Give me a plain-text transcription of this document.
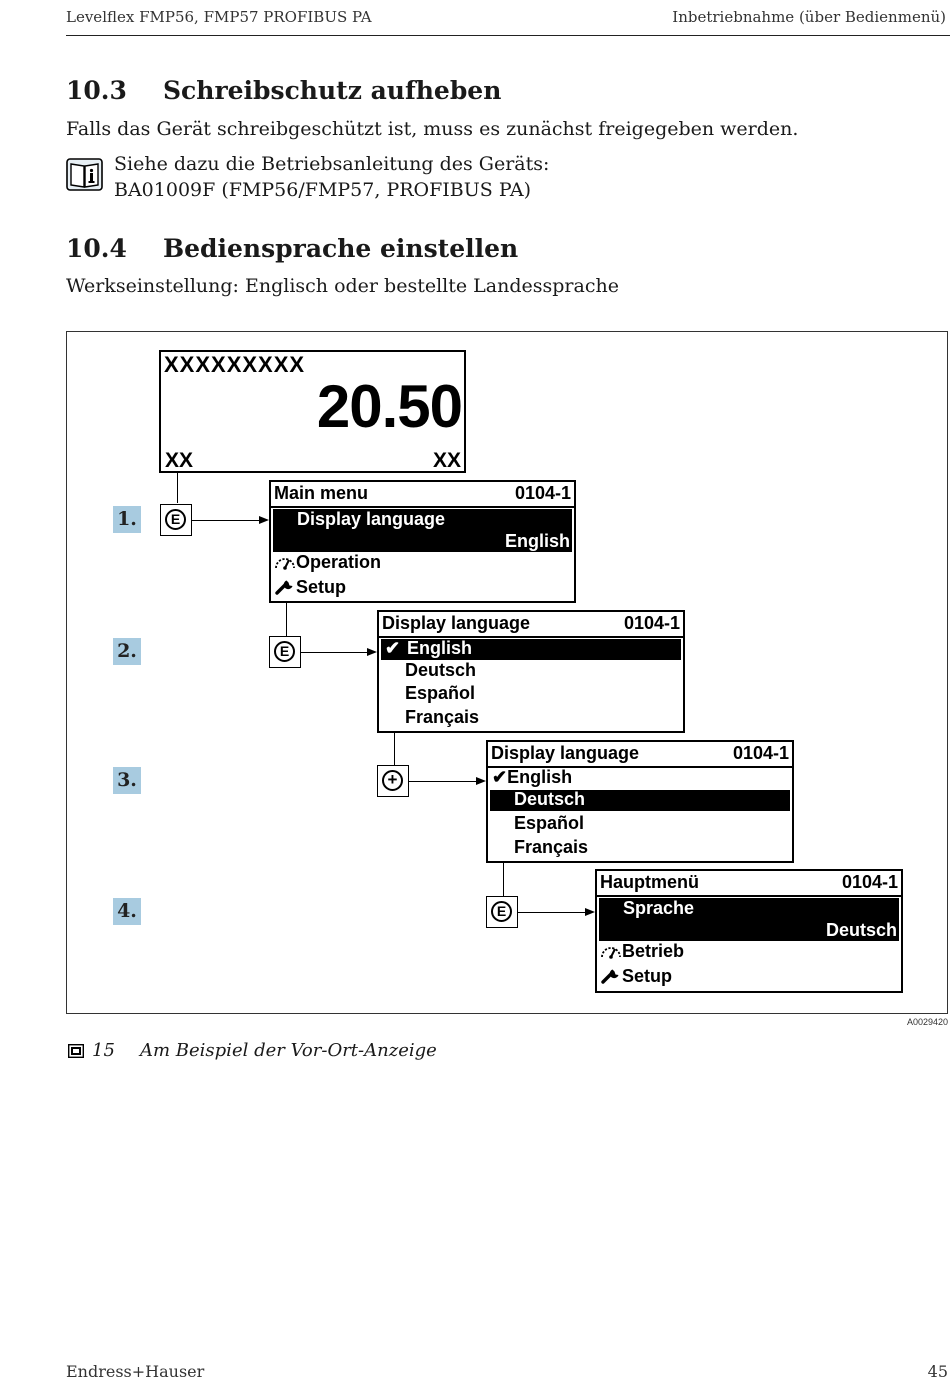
Levelflex FMP56, FMP57 PROFIBUS PA	Inbetriebnahme (über Bedienmenü)
10.3 Schreibschutz aufheben
Falls das Gerät schreibgeschützt ist, muss es zunächst freigegeben werden.
Siehe dazu die Betriebsanleitung des Geräts:
BA01009F (FMP56/FMP57, PROFIBUS PA)
10.4 Bediensprache einstellen
Werkseinstellung: Englisch oder bestellte Landessprache
XXXXXXXXX
20.50
XX	XX
1.
2.
3.
4.
E
Main menu	0104-1
Display language
English
Operation
Setup
E
Display language	0104-1
✔ English
Deutsch
Español
Français
+
Display language	0104-1
✔English
Deutsch
Español
Français
E
Hauptmenü	0104-1
Sprache
Deutsch
Betrieb
Setup
A0029420
15 Am Beispiel der Vor-Ort-Anzeige
Endress+Hauser	45
